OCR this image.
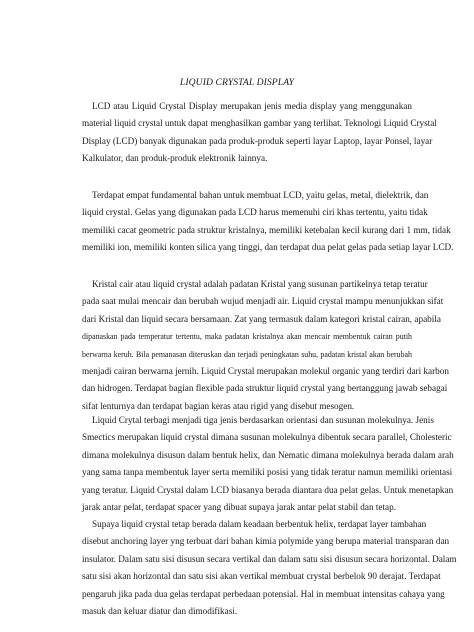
LIQUID CRYSTAL DISPLAY
LCD atau Liquid Crystal Display merupakan jenis media display yang menggunakan
material liquid crystal untuk dapat menghasilkan gambar yang terlihat. Teknologi Liquid Crystal
Display (LCD) banyak digunakan pada produk-produk seperti layar Laptop, layar Ponsel, layar
Kalkulator, dan produk-produk elektronik lainnya.
Terdapat empat fundamental bahan untuk membuat LCD, yaitu gelas, metal, dielektrik, dan
liquid crystal. Gelas yang digunakan pada LCD harus memenuhi ciri khas tertentu, yaitu tidak
memiliki cacat geometric pada struktur kristalnya, memiliki ketebalan kecil kurang dari 1 mm, tidak
memiliki ion, memiliki konten silica yang tinggi, dan terdapat dua pelat gelas pada setiap layar LCD.
Kristal cair atau liquid crystal adalah padatan Kristal yang susunan partikelnya tetap teratur
pada saat mulai mencair dan berubah wujud menjadi air. Liquid crystal mampu menunjukkan sifat
dari Kristal dan liquid secara bersamaan. Zat yang termasuk dalam kategori kristal cairan, apabila
dipanaskan pada temperatur tertentu, maka padatan kristalnya akan mencair membentuk cairan putih
berwarna keruh. Bila pemanasan diteruskan dan terjadi peningkatan suhu, padatan kristal akan berubah
menjadi cairan berwarna jernih. Liquid Crystal merupakan molekul organic yang terdiri dari karbon
dan hidrogen. Terdapat bagian flexible pada struktur liquid crystal yang bertanggung jawab sebagai
sifat lenturnya dan terdapat bagian keras atau rigid yang disebut mesogen.
Liquid Crytal terbagi menjadi tiga jenis berdasarkan orientasi dan susunan molekulnya. Jenis
Smectics merupakan liquid crystal dimana susunan molekulnya dibentuk secara parallel, Cholesteric
dimana molekulnya disusun dalam bentuk helix, dan Nematic dimana molekulnya berada dalam arah
yang sama tanpa membentuk layer serta memiliki posisi yang tidak teratur namun memiliki orientasi
yang teratur. Liquid Crystal dalam LCD biasanya berada diantara dua pelat gelas. Untuk menetapkan
jarak antar pelat, terdapat spacer yang dibuat supaya jarak antar pelat stabil dan tetap.
Supaya liquid crystal tetap berada dalam keadaan berbentuk helix, terdapat layer tambahan
disebut anchoring layer yng terbuat dari bahan kimia polymide yang berupa material transparan dan
insulator. Dalam satu sisi disusun secara vertikal dan dalam satu sisi disusun secara horizontal. Dalam
satu sisi akan horizontal dan satu sisi akan vertikal membuat crystal berbelok 90 derajat. Terdapat
pengaruh jika pada dua gelas terdapat perbedaan potensial. Hal in membuat intensitas cahaya yang
masuk dan keluar diatur dan dimodifikasi.
